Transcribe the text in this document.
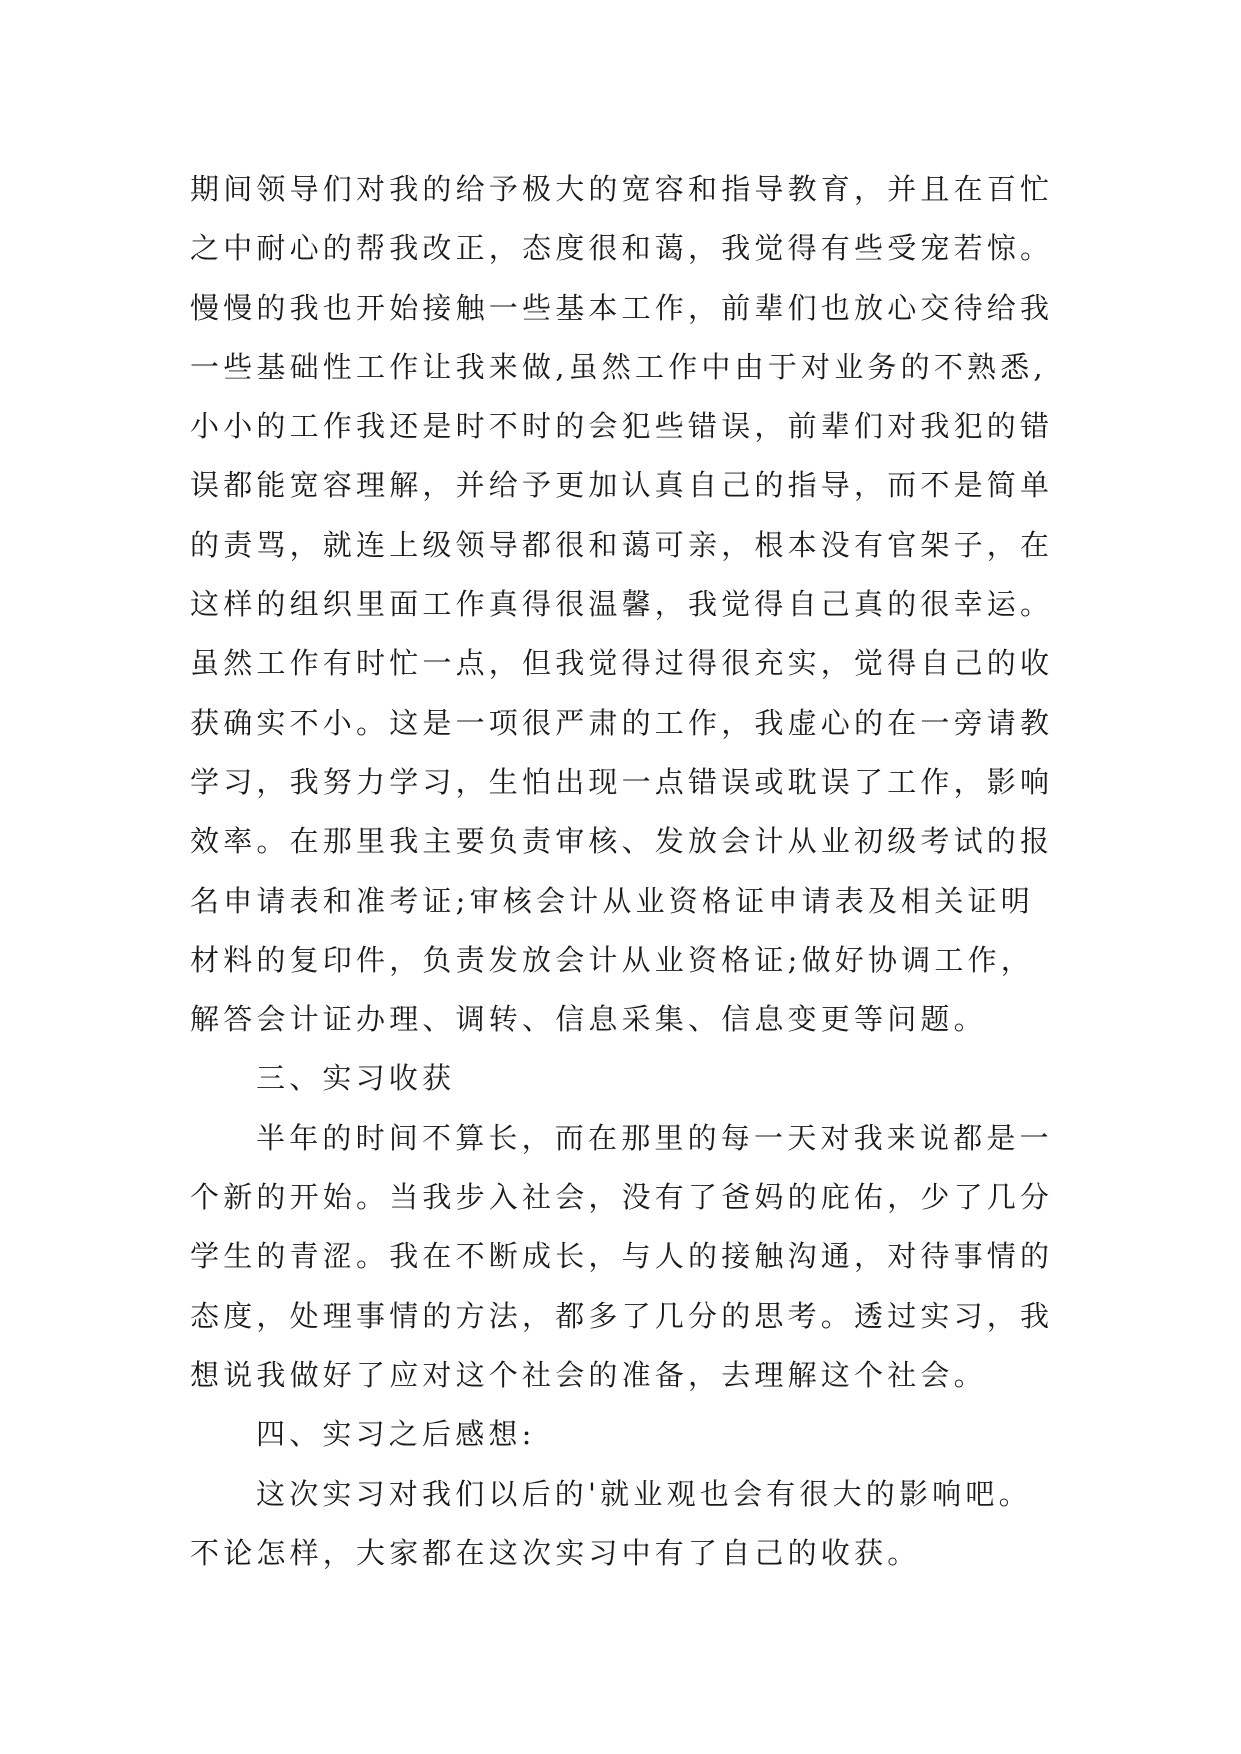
期间领导们对我的给予极大的宽容和指导教育，并且在百忙
之中耐心的帮我改正，态度很和蔼，我觉得有些受宠若惊。
慢慢的我也开始接触一些基本工作，前辈们也放心交待给我
一些基础性工作让我来做,虽然工作中由于对业务的不熟悉,
小小的工作我还是时不时的会犯些错误，前辈们对我犯的错
误都能宽容理解，并给予更加认真自己的指导，而不是简单
的责骂，就连上级领导都很和蔼可亲，根本没有官架子，在
这样的组织里面工作真得很温馨，我觉得自己真的很幸运。
虽然工作有时忙一点，但我觉得过得很充实，觉得自己的收
获确实不小。这是一项很严肃的工作，我虚心的在一旁请教
学习，我努力学习，生怕出现一点错误或耽误了工作，影响
效率。在那里我主要负责审核、发放会计从业初级考试的报
名申请表和准考证;审核会计从业资格证申请表及相关证明
材料的复印件，负责发放会计从业资格证;做好协调工作，
解答会计证办理、调转、信息采集、信息变更等问题。
三、实习收获
半年的时间不算长，而在那里的每一天对我来说都是一
个新的开始。当我步入社会，没有了爸妈的庇佑，少了几分
学生的青涩。我在不断成长，与人的接触沟通，对待事情的
态度，处理事情的方法，都多了几分的思考。透过实习，我
想说我做好了应对这个社会的准备，去理解这个社会。
四、实习之后感想:
这次实习对我们以后的'就业观也会有很大的影响吧。
不论怎样，大家都在这次实习中有了自己的收获。
